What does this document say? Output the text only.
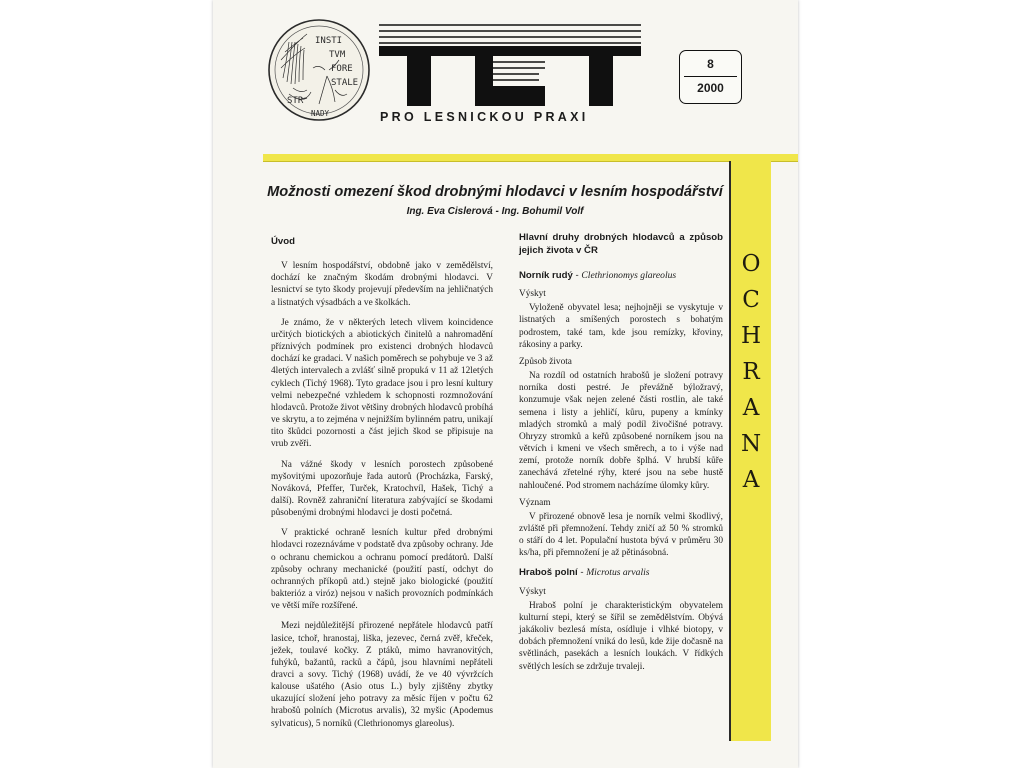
INSTI
TVM
FORE
STALE
STR
NADY	PRO LESNICKOU PRAXI
8
2000
O
C
H
R
A
N
A
Možnosti omezení škod drobnými hlodavci v lesním hospodářství
Ing. Eva Cislerová - Ing. Bohumil Volf
Úvod

V lesním hospodářství, obdobně jako v zemědělství, dochází ke značným škodám drobnými hlodavci. V lesnictví se tyto škody projevují především na jehličnatých a listnatých výsadbách a ve školkách.

Je známo, že v některých letech vlivem koincidence určitých biotických a abiotických činitelů a nahromadění příznivých podmínek pro existenci drobných hlodavců dochází ke gradaci. V našich poměrech se pohybuje ve 3 až 4letých intervalech a zvlášť silně propuká v 11 až 12letých cyklech (Tichý 1968). Tyto gradace jsou i pro lesní kultury velmi nebezpečné vzhledem k schopnosti rozmnožování hlodavců. Protože život většiny drobných hlodavců probíhá ve skrytu, a to zejména v nejnižším bylinném patru, unikají tito škůdci pozornosti a část jejich škod se připisuje na vrub zvěři.

Na vážné škody v lesních porostech způsobené myšovitými upozorňuje řada autorů (Procházka, Farský, Nováková, Pfeffer, Turček, Kratochvíl, Hašek, Tichý a další). Rovněž zahraniční literatura zabývající se škodami působenými drobnými hlodavci je dosti početná.

V praktické ochraně lesních kultur před drobnými hlodavci rozeznáváme v podstatě dva způsoby ochrany. Jde o ochranu chemickou a ochranu pomocí predátorů. Další způsoby ochrany mechanické (použití pastí, odchyt do ochranných příkopů atd.) stejně jako biologické (použití bakterióz a viróz) nejsou v našich provozních podmínkách ve větší míře rozšířené.

Mezi nejdůležitější přirozené nepřátele hlodavců patří lasice, tchoř, hranostaj, liška, jezevec, černá zvěř, křeček, ježek, toulavé kočky. Z ptáků, mimo havranovitých, fuhýků, bažantů, racků a čápů, jsou hlavními nepřáteli dravci a sovy. Tichý (1968) uvádí, že ve 40 vývržcích kalouse ušatého (Asio otus L.) byly zjištěny zbytky ukazující složení jeho potravy za měsíc říjen v počtu 62 hrabošů polních (Microtus arvalis), 32 myšic (Apodemus sylvaticus), 5 norníků (Clethrionomys glareolus).

Hlavní druhy drobných hlodavců a způsob jejich života v ČR
Norník rudý - Clethrionomys glareolus
Výskyt

Vyloženě obyvatel lesa; nejhojněji se vyskytuje v listnatých a smíšených porostech s bohatým podrostem, také tam, kde jsou remízky, křoviny, rákosiny a parky.

Způsob života

Na rozdíl od ostatních hrabošů je složení potravy norníka dosti pestré. Je převážně býložravý, konzumuje však nejen zelené části rostlin, ale také semena i listy a jehličí, kůru, pupeny a kmínky mladých stromků a malý podíl živočišné potravy. Ohryzy stromků a keřů způsobené norníkem jsou na větvích i kmeni ve všech směrech, a to i výše nad zemí, protože norník dobře šplhá. V hrubší kůře zanechává zřetelné rýhy, které jsou na sebe hustě nahloučené. Pod stromem nacházíme úlomky kůry.

Význam

V přirozené obnově lesa je norník velmi škodlivý, zvláště při přemnožení. Tehdy zničí až 50 % stromků o stáří do 4 let. Populační hustota bývá v průměru 30 ks/ha, při přemnožení je až pětinásobná.

Hraboš polní - Microtus arvalis
Výskyt

Hraboš polní je charakteristickým obyvatelem kulturní stepi, který se šířil se zemědělstvím. Obývá jakákoliv bezlesá místa, osídluje i vlhké biotopy, v dobách přemnožení vniká do lesů, kde žije dočasně na světlinách, pasekách a lesních loukách. V řídkých světlých lesích se zdržuje trvaleji.
